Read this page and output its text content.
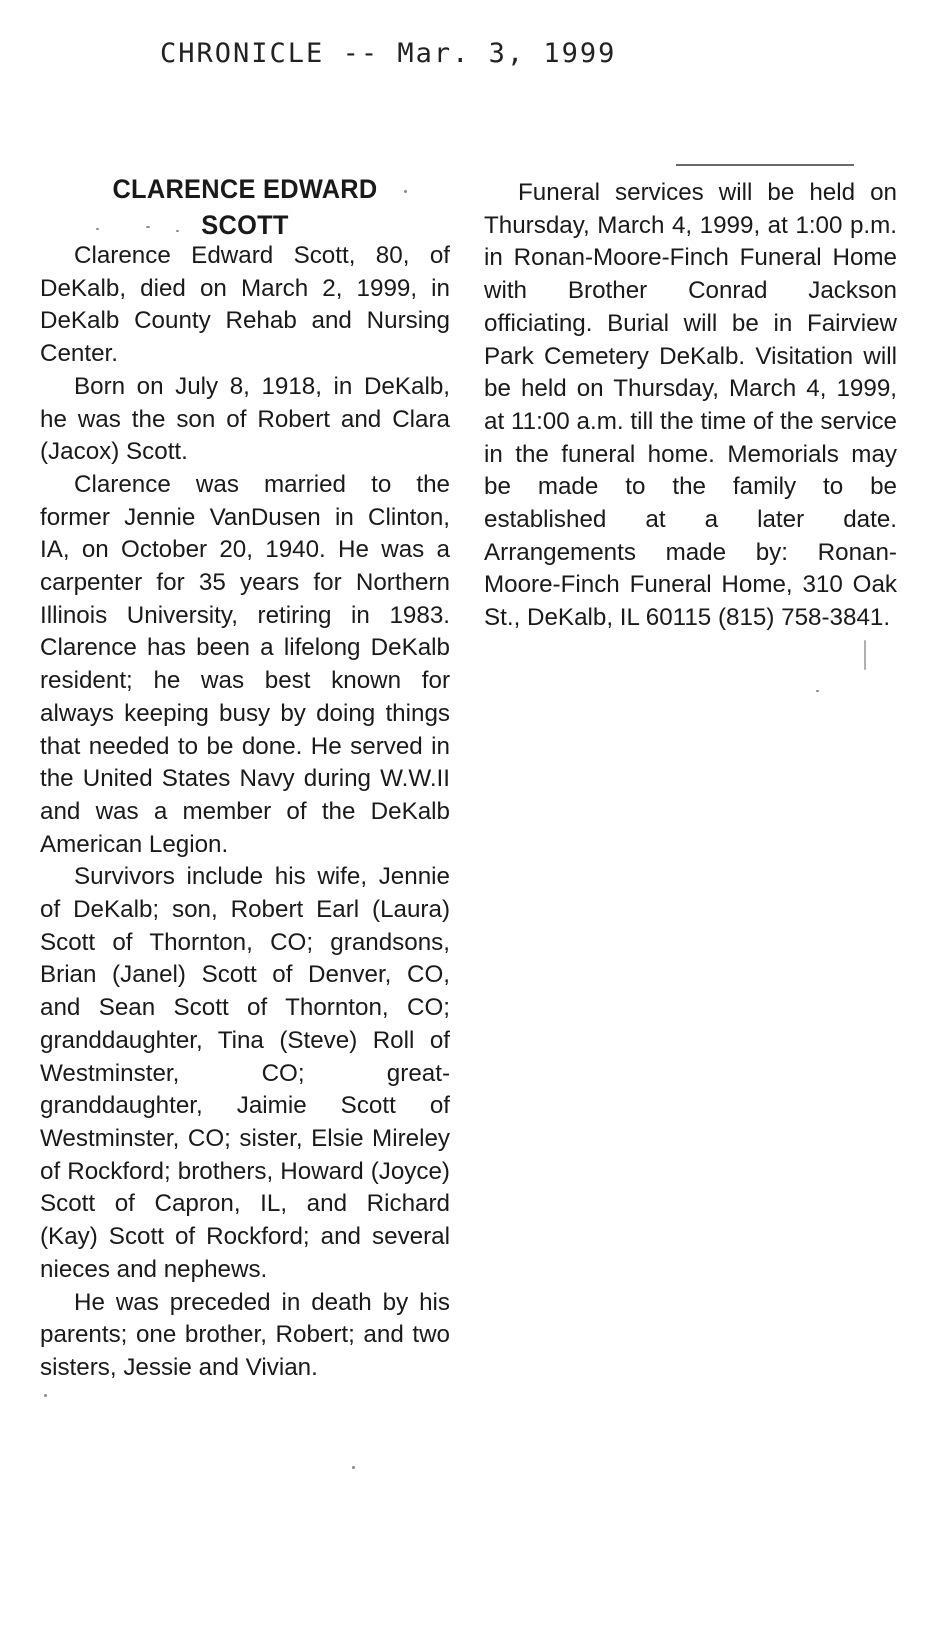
CHRONICLE -- Mar. 3, 1999
CLARENCE EDWARD
SCOTT

Clarence Edward Scott, 80, of DeKalb, died on March 2, 1999, in DeKalb County Rehab and Nursing Center.

Born on July 8, 1918, in DeKalb, he was the son of Robert and Clara (Jacox) Scott.

Clarence was married to the former Jennie VanDusen in Clinton, IA, on October 20, 1940. He was a carpenter for 35 years for Northern Illinois University, retiring in 1983. Clarence has been a lifelong DeKalb resident; he was best known for always keeping busy by doing things that needed to be done. He served in the United States Navy during W.W.II and was a member of the DeKalb American Legion.

Survivors include his wife, Jennie of DeKalb; son, Robert Earl (Laura) Scott of Thornton, CO; grandsons, Brian (Janel) Scott of Denver, CO, and Sean Scott of Thornton, CO; granddaughter, Tina (Steve) Roll of Westminster, CO; great-granddaughter, Jaimie Scott of Westminster, CO; sister, Elsie Mireley of Rockford; brothers, Howard (Joyce) Scott of Capron, IL, and Richard (Kay) Scott of Rockford; and several nieces and nephews.

He was preceded in death by his parents; one brother, Robert; and two sisters, Jessie and Vivian.

Funeral services will be held on Thursday, March 4, 1999, at 1:00 p.m. in Ronan-Moore-Finch Funeral Home with Brother Conrad Jackson officiating. Burial will be in Fairview Park Cemetery DeKalb. Visitation will be held on Thursday, March 4, 1999, at 11:00 a.m. till the time of the service in the funeral home. Memorials may be made to the family to be established at a later date. Arrangements made by: Ronan-Moore-Finch Funeral Home, 310 Oak St., DeKalb, IL 60115 (815) 758-3841.
